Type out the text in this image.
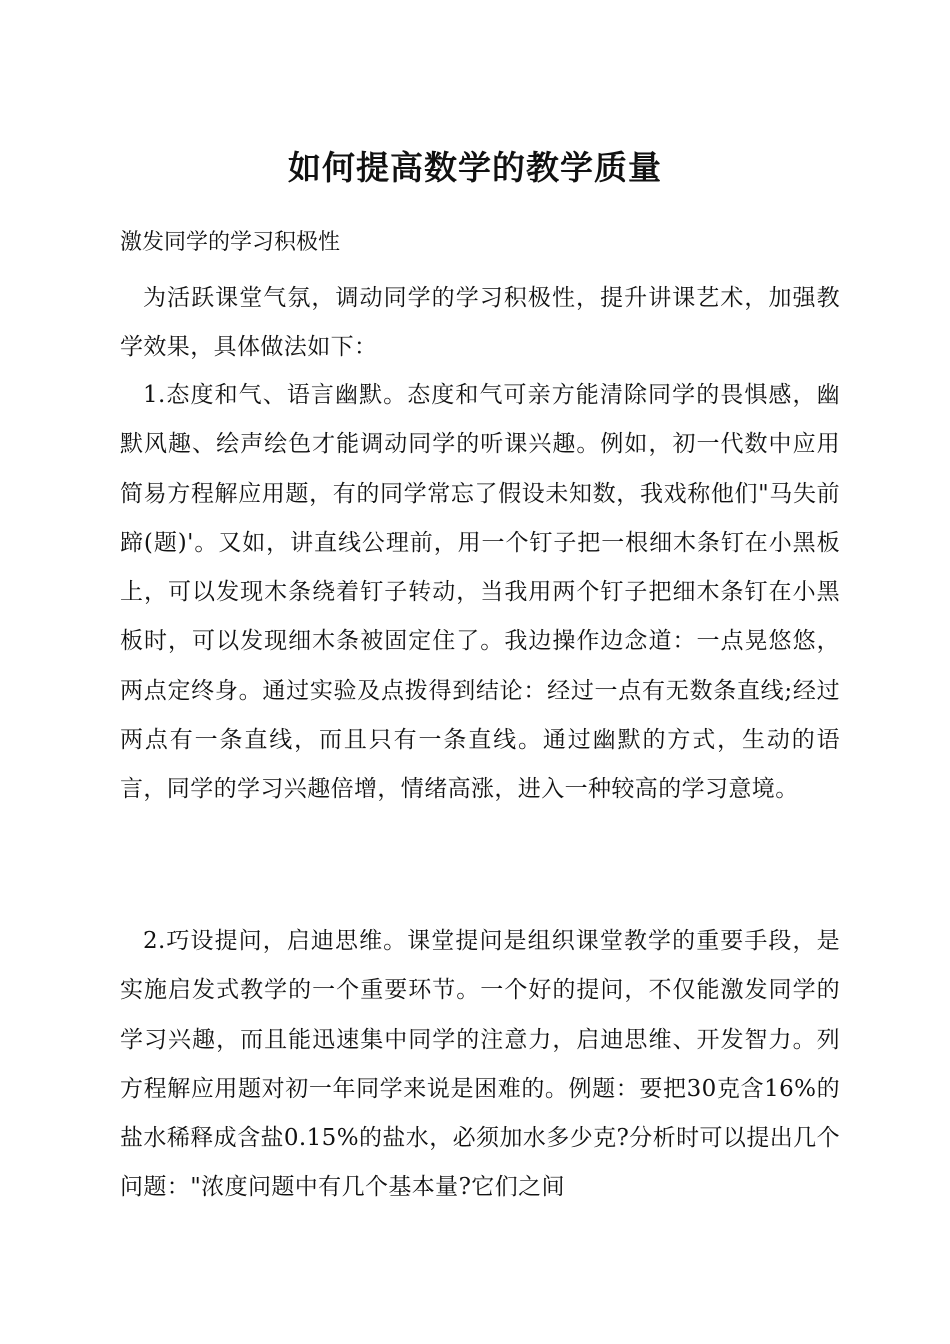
如何提高数学的教学质量
激发同学的学习积极性

为活跃课堂气氛，调动同学的学习积极性，提升讲课艺术，加强教学效果，具体做法如下：

1.态度和气、语言幽默。态度和气可亲方能清除同学的畏惧感，幽默风趣、绘声绘色才能调动同学的听课兴趣。例如，初一代数中应用简易方程解应用题，有的同学常忘了假设未知数，我戏称他们"马失前蹄(题)'。又如，讲直线公理前，用一个钉子把一根细木条钉在小黑板上，可以发现木条绕着钉子转动，当我用两个钉子把细木条钉在小黑板时，可以发现细木条被固定住了。我边操作边念道：一点晃悠悠，两点定终身。通过实验及点拨得到结论：经过一点有无数条直线;经过两点有一条直线，而且只有一条直线。通过幽默的方式，生动的语言，同学的学习兴趣倍增，情绪高涨，进入一种较高的学习意境。

2.巧设提问，启迪思维。课堂提问是组织课堂教学的重要手段，是实施启发式教学的一个重要环节。一个好的提问，不仅能激发同学的学习兴趣，而且能迅速集中同学的注意力，启迪思维、开发智力。列方程解应用题对初一年同学来说是困难的。例题：要把30克含16%的盐水稀释成含盐0.15%的盐水，必须加水多少克?分析时可以提出几个问题："浓度问题中有几个基本量?它们之间
